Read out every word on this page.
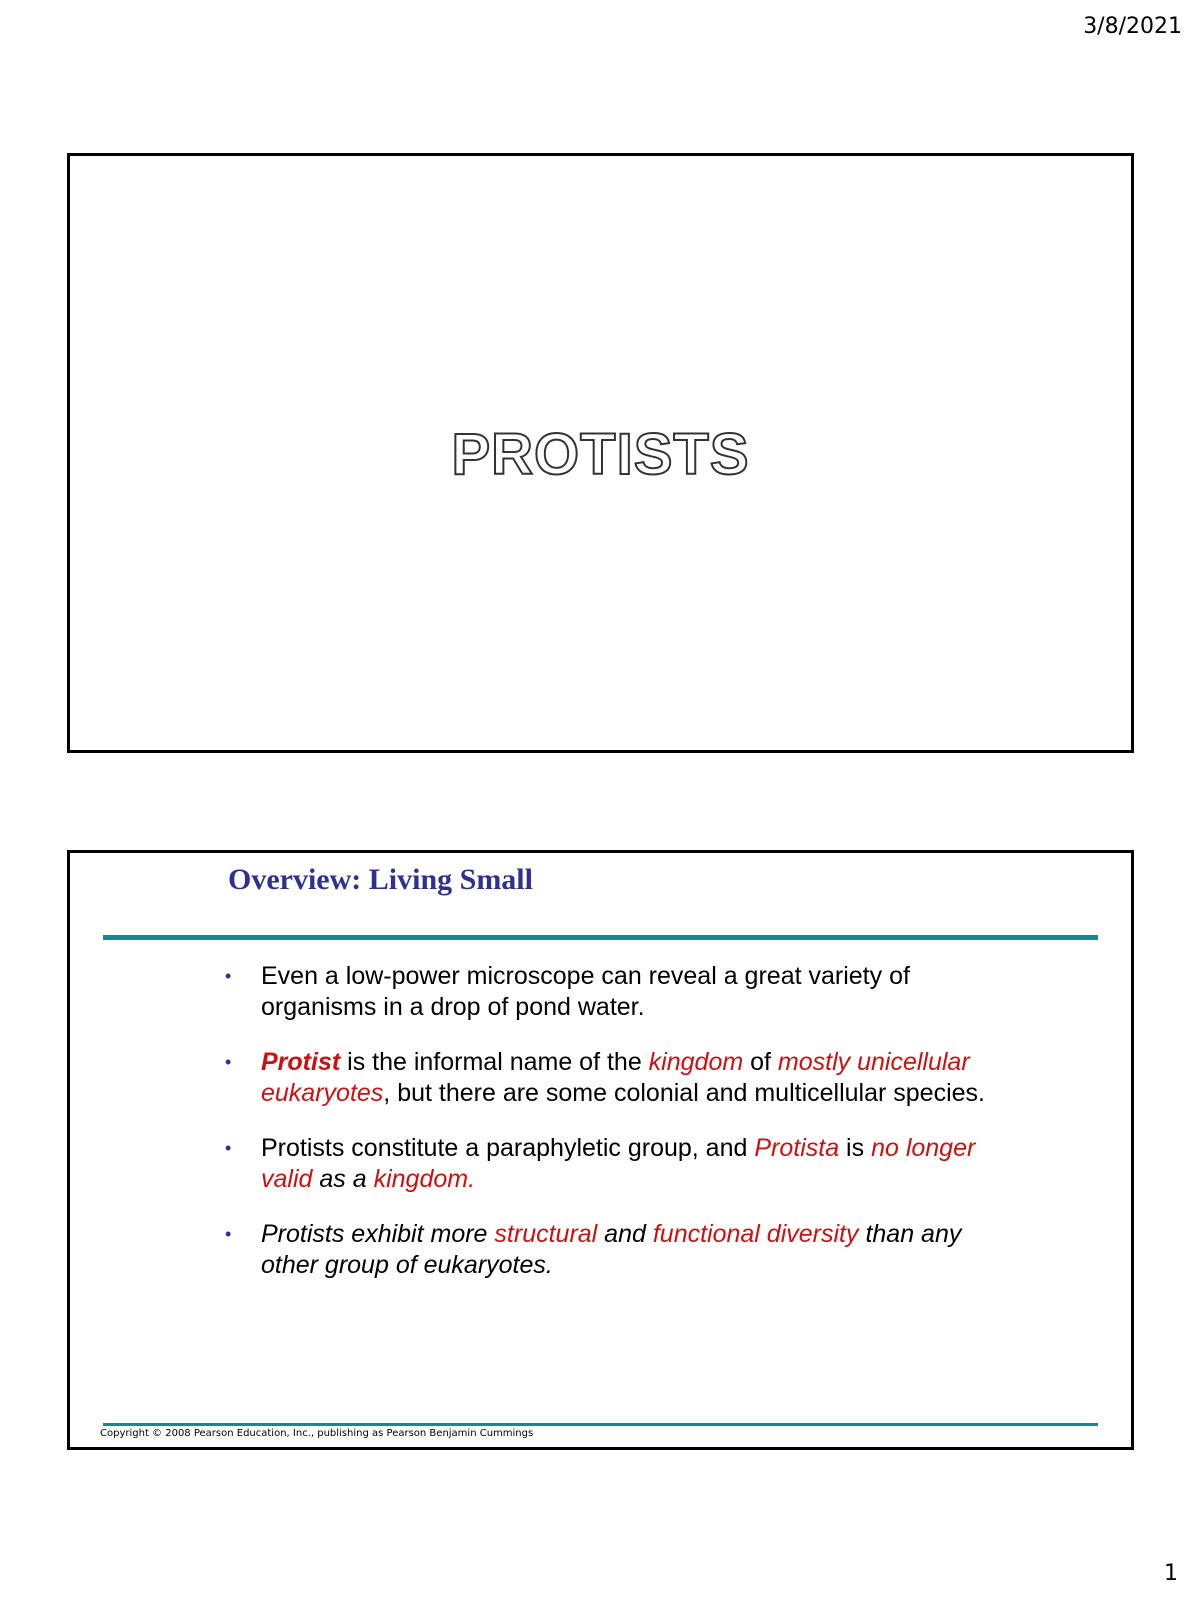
3/8/2021
PROTISTS
Overview: Living Small
• Even a low-power microscope can reveal a great variety of organisms in a drop of pond water.
• Protist is the informal name of the kingdom of mostly unicellular eukaryotes, but there are some colonial and multicellular species.
• Protists constitute a paraphyletic group, and Protista is no longer valid as a kingdom.
• Protists exhibit more structural and functional diversity than any other group of eukaryotes.
Copyright © 2008 Pearson Education, Inc., publishing as Pearson Benjamin Cummings
1
